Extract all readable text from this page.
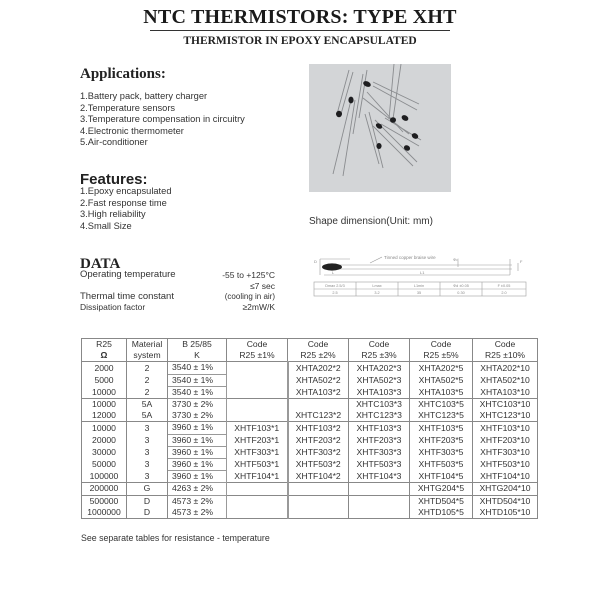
NTC THERMISTORS: TYPE XHT
THERMISTOR IN EPOXY ENCAPSULATED
Applications:
1.Battery pack, battery charger
2.Temperature sensors
3.Temperature compensation in circuitry
4.Electronic thermometer
5.Air-conditioner
Features:
1.Epoxy encapsulated
2.Fast response time
3.High reliability
4.Small Size	Shape dimension(Unit: mm)
DATA
Operating temperature	-55 to +125°C
≤7 sec
Thermal time constant	(cooling in air)
Dissipation factor	≥2mW/K
Tinned copper braise wire	Φd
D
L	L1
F
Dmax 2.5/3	Lmax	L1min	Φd ±0.05	F ±0.05
2.5	3.2	35	0.30	2.0
R25	Material	B 25/85	Code	Code	Code	Code	Code
Ω	system	K	R25 ±1%	R25 ±2%	R25 ±3%	R25 ±5%	R25 ±10%
2000	2	3540 ± 1%		XHTA202*2	XHTA202*3	XHTA202*5	XHTA202*10
5000	2	3540 ± 1%		XHTA502*2	XHTA502*3	XHTA502*5	XHTA502*10
10000	2	3540 ± 1%		XHTA103*2	XHTA103*3	XHTA103*5	XHTA103*10
10000	5A	3730 ± 2%			XHTC103*3	XHTC103*5	XHTC103*10
12000	5A	3730 ± 2%		XHTC123*2	XHTC123*3	XHTC123*5	XHTC123*10
10000	3	3960 ± 1%	XHTF103*1	XHTF103*2	XHTF103*3	XHTF103*5	XHTF103*10
20000	3	3960 ± 1%	XHTF203*1	XHTF203*2	XHTF203*3	XHTF203*5	XHTF203*10
30000	3	3960 ± 1%	XHTF303*1	XHTF303*2	XHTF303*3	XHTF303*5	XHTF303*10
50000	3	3960 ± 1%	XHTF503*1	XHTF503*2	XHTF503*3	XHTF503*5	XHTF503*10
100000	3	3960 ± 1%	XHTF104*1	XHTF104*2	XHTF104*3	XHTF104*5	XHTF104*10
200000	G	4263 ± 2%				XHTG204*5	XHTG204*10
500000	D	4573 ± 2%				XHTD504*5	XHTD504*10
1000000	D	4573 ± 2%				XHTD105*5	XHTD105*10
See separate tables for resistance - temperature
